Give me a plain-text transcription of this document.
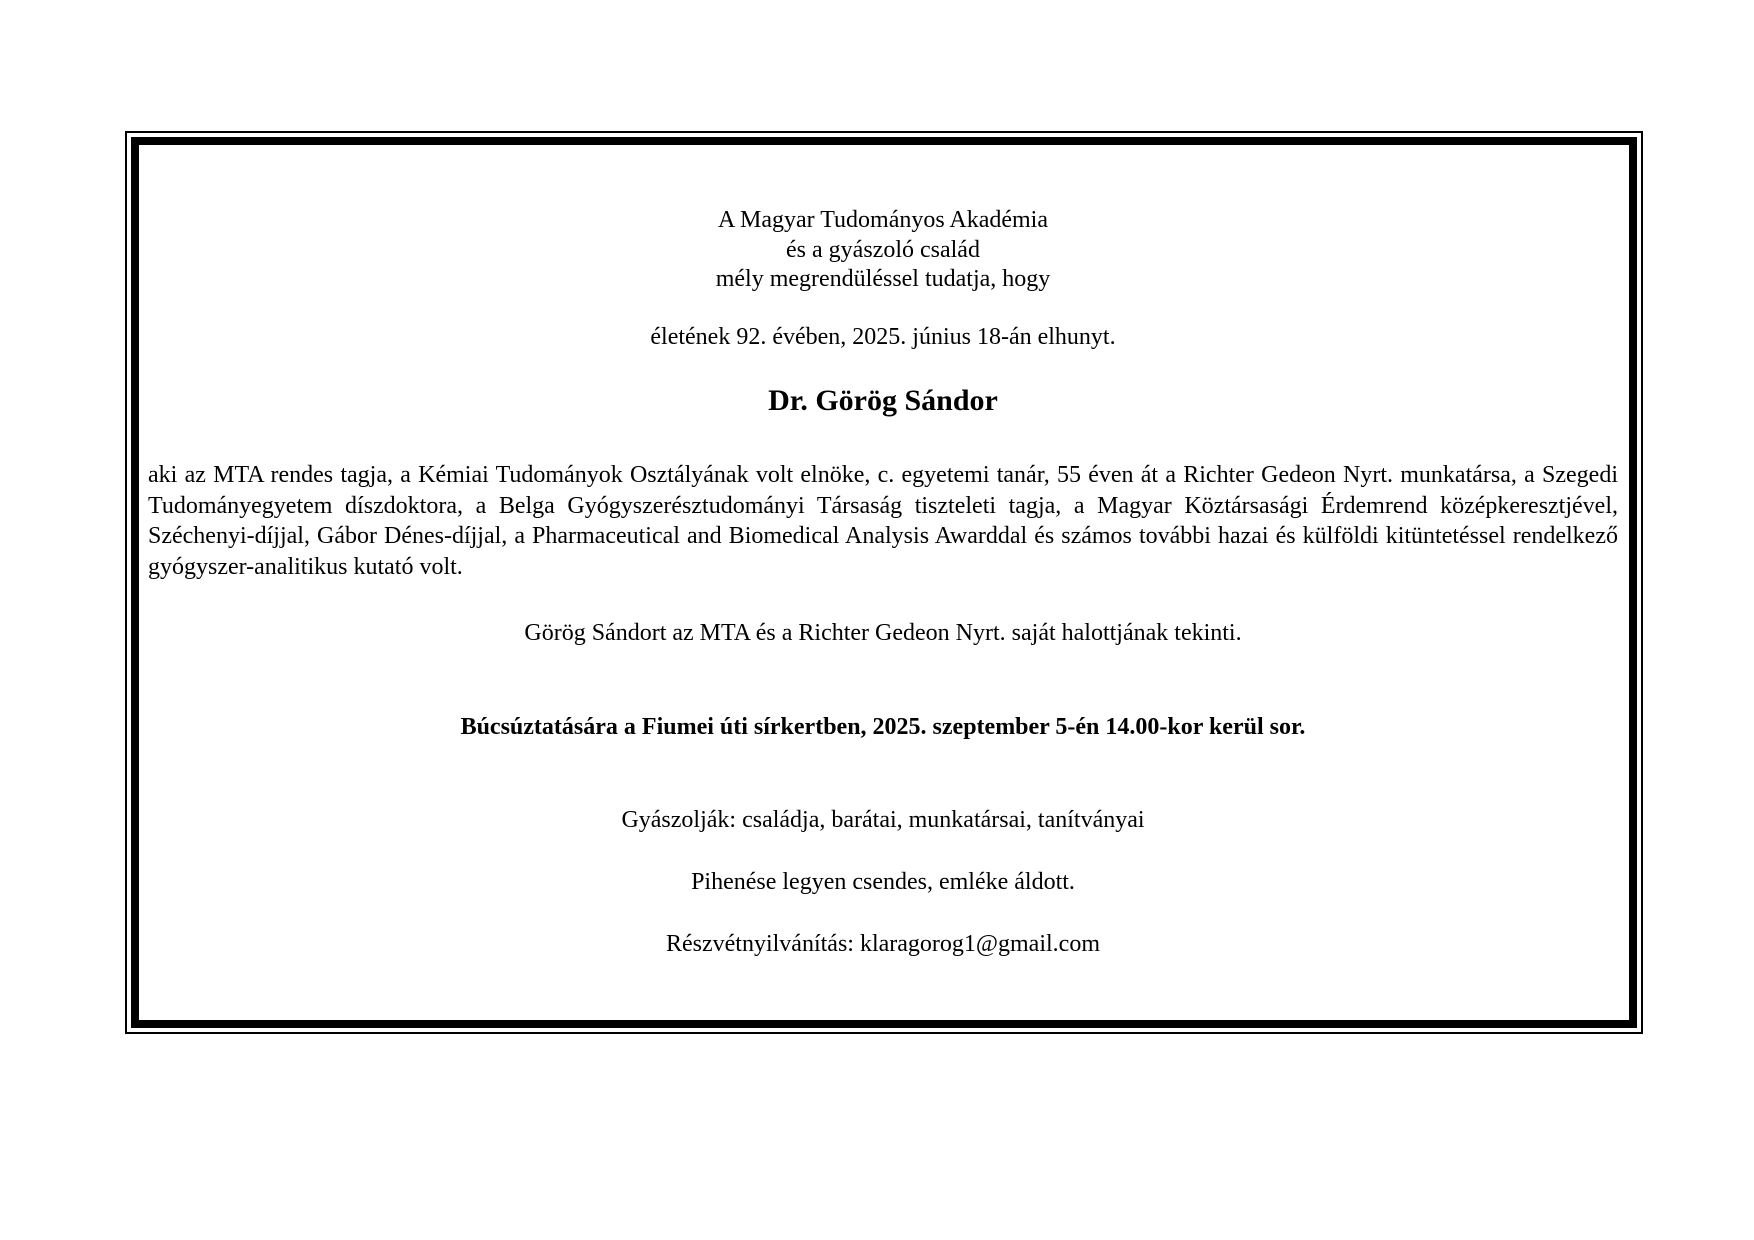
A Magyar Tudományos Akadémia
és a gyászoló család
mély megrendüléssel tudatja, hogy
életének 92. évében, 2025. június 18-án elhunyt.
Dr. Görög Sándor
aki az MTA rendes tagja, a Kémiai Tudományok Osztályának volt elnöke, c. egyetemi tanár, 55 éven át a Richter Gedeon Nyrt. munkatársa, a Szegedi Tudományegyetem díszdoktora, a Belga Gyógyszerésztudományi Társaság tiszteleti tagja, a Magyar Köztársasági Érdemrend középkeresztjével, Széchenyi-díjjal, Gábor Dénes-díjjal, a Pharmaceutical and Biomedical Analysis Awarddal és számos további hazai és külföldi kitüntetéssel rendelkező gyógyszer-analitikus kutató volt.
Görög Sándort az MTA és a Richter Gedeon Nyrt. saját halottjának tekinti.
Búcsúztatására a Fiumei úti sírkertben, 2025. szeptember 5-én 14.00-kor kerül sor.
Gyászolják: családja, barátai, munkatársai, tanítványai
Pihenése legyen csendes, emléke áldott.
Részvétnyilvánítás: klaragorog1@gmail.com
